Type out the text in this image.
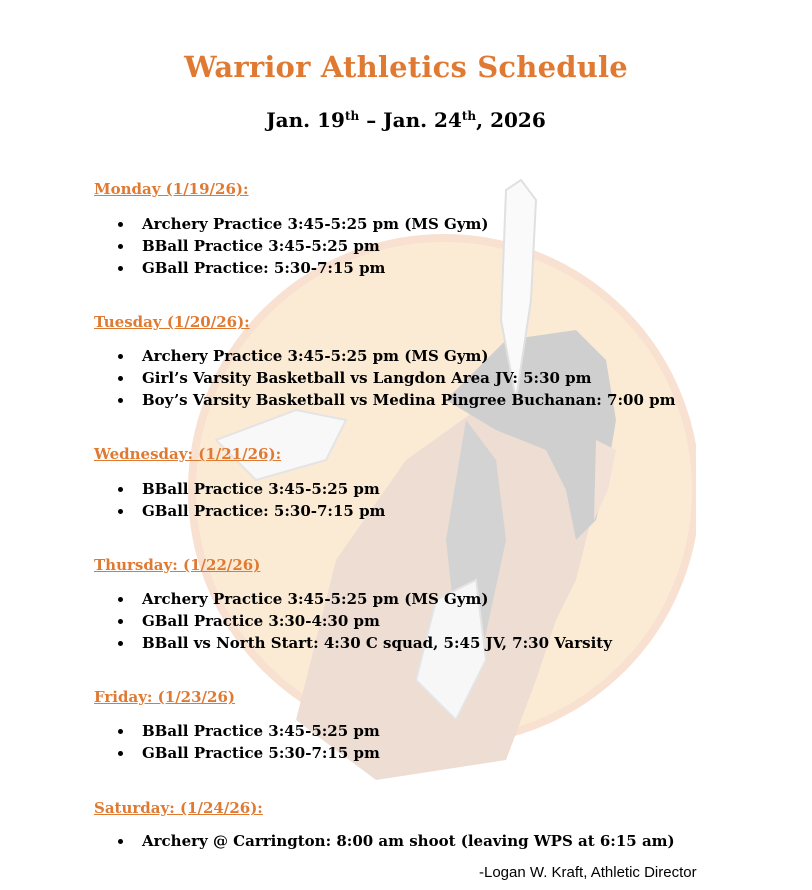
Warrior Athletics Schedule
Jan. 19th – Jan. 24th, 2026

Monday (1/19/26):

Archery Practice 3:45-5:25 pm (MS Gym)
BBall Practice 3:45-5:25 pm
GBall Practice: 5:30-7:15 pm

Tuesday (1/20/26):

Archery Practice 3:45-5:25 pm (MS Gym)
Girl’s Varsity Basketball vs Langdon Area JV: 5:30 pm
Boy’s Varsity Basketball vs Medina Pingree Buchanan: 7:00 pm

Wednesday: (1/21/26):

BBall Practice 3:45-5:25 pm
GBall Practice: 5:30-7:15 pm

Thursday: (1/22/26)

Archery Practice 3:45-5:25 pm (MS Gym)
GBall Practice 3:30-4:30 pm
BBall vs North Start: 4:30 C squad, 5:45 JV, 7:30 Varsity

Friday: (1/23/26)

BBall Practice 3:45-5:25 pm
GBall Practice 5:30-7:15 pm

Saturday: (1/24/26):

Archery @ Carrington: 8:00 am shoot (leaving WPS at 6:15 am)

-Logan W. Kraft, Athletic Director
